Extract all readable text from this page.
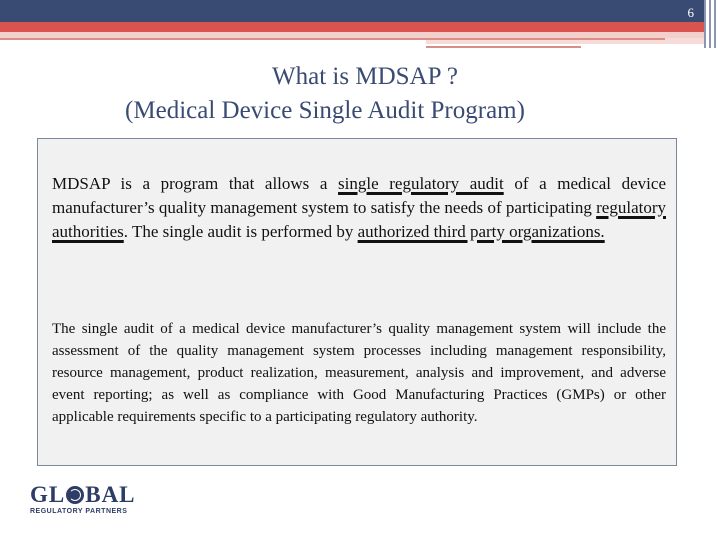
6
What is MDSAP ?
(Medical Device Single Audit Program)

MDSAP is a program that allows a single regulatory audit of a medical device manufacturer’s quality management system to satisfy the needs of participating regulatory authorities. The single audit is performed by authorized third party organizations.

The single audit of a medical device manufacturer’s quality management system will include the assessment of the quality management system processes including management responsibility, resource management, product realization, measurement, analysis and improvement, and adverse event reporting; as well as compliance with Good Manufacturing Practices (GMPs) or other applicable requirements specific to a participating regulatory authority.

GL BAL
REGULATORY PARTNERS
